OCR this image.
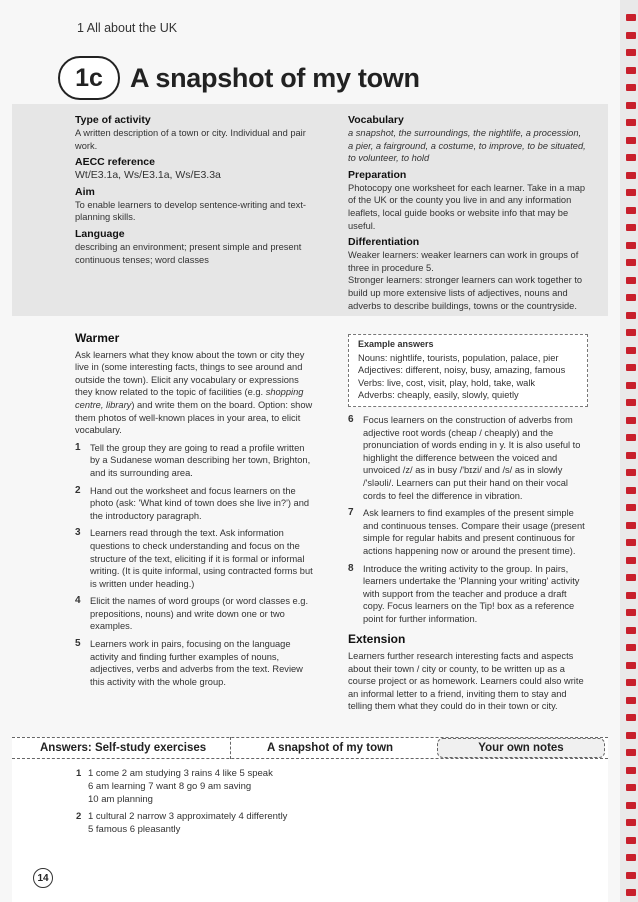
1 All about the UK
1c	A snapshot of my town
Type of activity

A written description of a town or city. Individual and pair work.

AECC reference

Wt/E3.1a, Ws/E3.1a, Ws/E3.3a

Aim

To enable learners to develop sentence-writing and text-planning skills.

Language

describing an environment; present simple and present continuous tenses; word classes

Vocabulary

a snapshot, the surroundings, the nightlife, a procession, a pier, a fairground, a costume, to improve, to be situated, to volunteer, to hold

Preparation

Photocopy one worksheet for each learner. Take in a map of the UK or the county you live in and any information leaflets, local guide books or website info that may be useful.

Differentiation

Weaker learners: weaker learners can work in groups of three in procedure 5.

Stronger learners: stronger learners can work together to build up more extensive lists of adjectives, nouns and adverbs to describe buildings, towns or the countryside.

Warmer

Ask learners what they know about the town or city they live in (some interesting facts, things to see around and outside the town). Elicit any vocabulary or expressions they know related to the topic of facilities (e.g. shopping centre, library) and write them on the board. Option: show them photos of well-known places in your area, to elicit vocabulary.

1 Tell the group they are going to read a profile written by a Sudanese woman describing her town, Brighton, and its surrounding area.
2 Hand out the worksheet and focus learners on the photo (ask: 'What kind of town does she live in?') and the introductory paragraph.
3 Learners read through the text. Ask information questions to check understanding and focus on the structure of the text, eliciting if it is formal or informal writing. (It is quite informal, using contracted forms but is written under heading.)
4 Elicit the names of word groups (or word classes e.g. prepositions, nouns) and write down one or two examples.
5 Learners work in pairs, focusing on the language activity and finding further examples of nouns, adjectives, verbs and adverbs from the text. Review this activity with the whole group.
Example answers

Nouns: nightlife, tourists, population, palace, pier

Adjectives: different, noisy, busy, amazing, famous

Verbs: live, cost, visit, play, hold, take, walk

Adverbs: cheaply, easily, slowly, quietly

6 Focus learners on the construction of adverbs from adjective root words (cheap / cheaply) and the pronunciation of words ending in y. It is also useful to highlight the difference between the voiced and unvoiced /z/ as in busy /'bɪzi/ and /s/ as in slowly /'sləʊli/. Learners can put their hand on their vocal cords to feel the difference in vibration.
7 Ask learners to find examples of the present simple and continuous tenses. Compare their usage (present simple for regular habits and present continuous for actions happening now or around the present time).
8 Introduce the writing activity to the group. In pairs, learners undertake the 'Planning your writing' activity with support from the teacher and produce a draft copy. Focus learners on the Tip! box as a reference point for further information.
Extension

Learners further research interesting facts and aspects about their town / city or county, to be written up as a course project or as homework. Learners could also write an informal letter to a friend, inviting them to stay and telling them what they could do in their town or city.

Answers: Self-study exercises	A snapshot of my town	Your own notes
1 1 come 2 am studying 3 rains 4 like 5 speak
6 am learning 7 want 8 go 9 am saving
10 am planning
2 1 cultural 2 narrow 3 approximately 4 differently
5 famous 6 pleasantly
14
